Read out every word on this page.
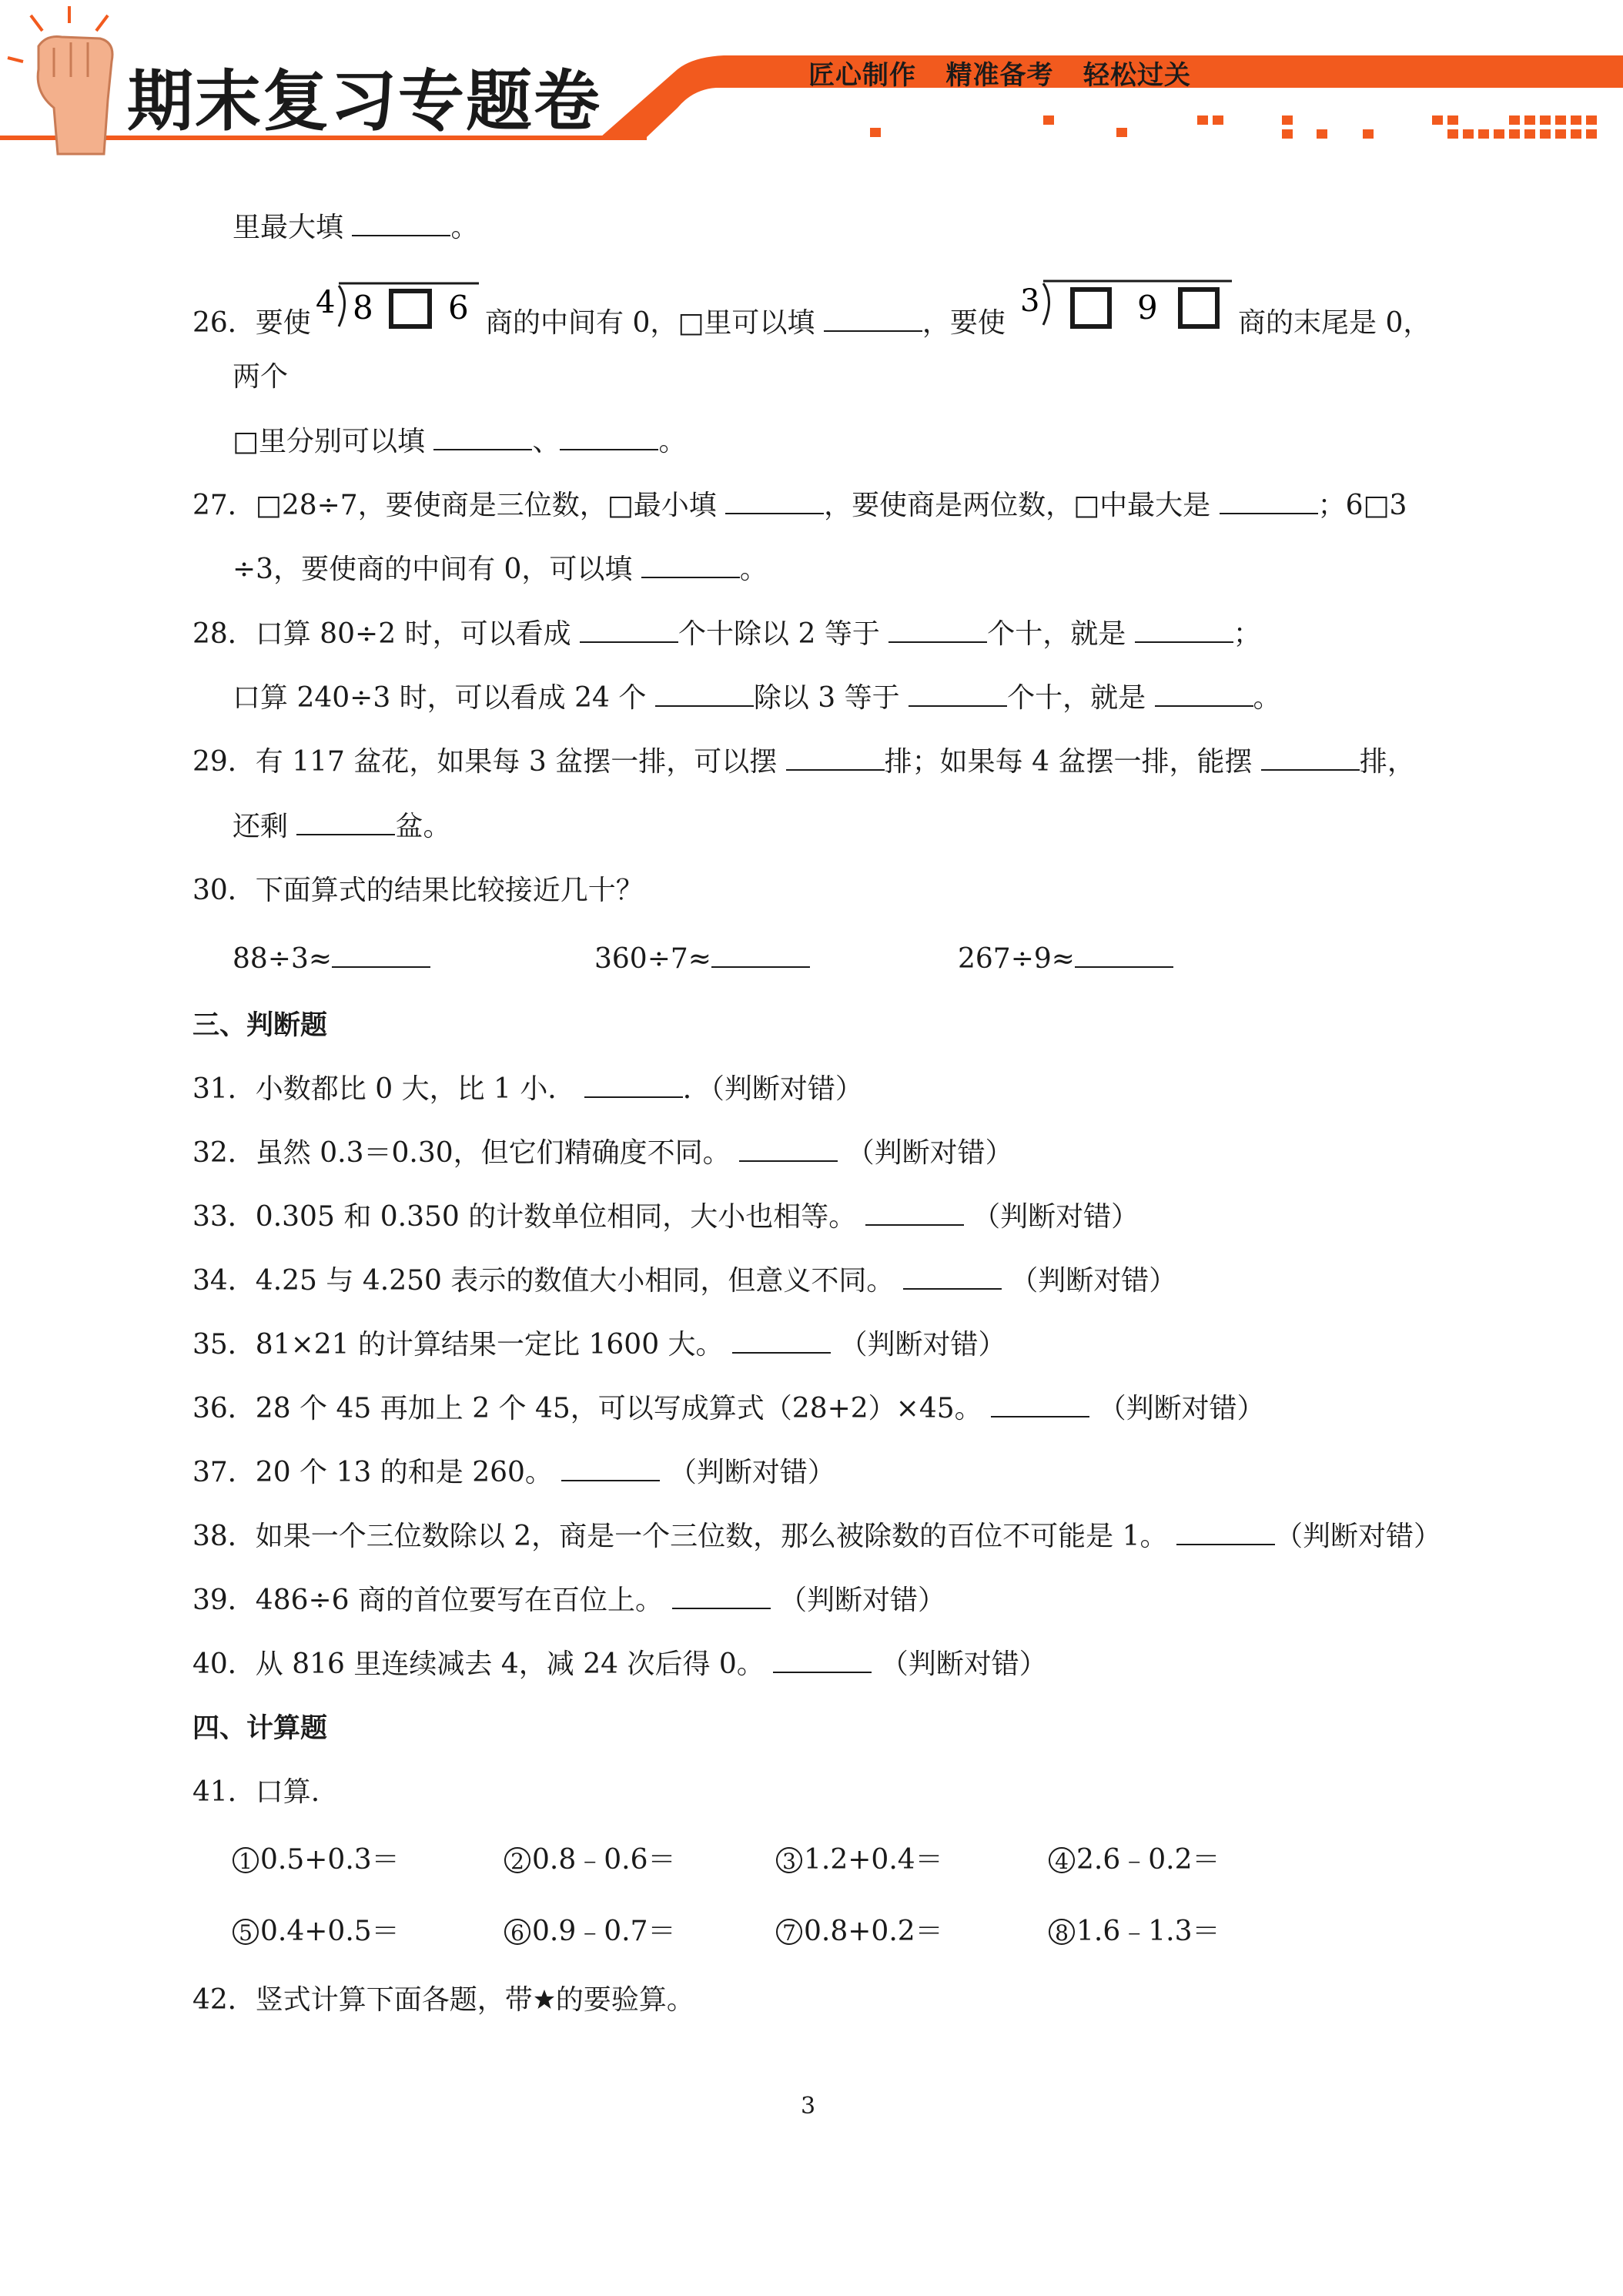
期末复习专题卷	匠心制作   精准备考   轻松过关
里最大填	。
26．要使
4 8 6 商的中间有 0，□里可以填	，要使
3	9	商的末尾是 0，
两个
□里分别可以填	、	。
27．□28÷7，要使商是三位数，□最小填	，要使商是两位数，□中最大是	；6□3
÷3，要使商的中间有 0，可以填	。
28．口算 80÷2 时，可以看成	个十除以 2 等于	个十，就是	；
口算 240÷3 时，可以看成 24 个	除以 3 等于	个十，就是	。
29．有 117 盆花，如果每 3 盆摆一排，可以摆	排；如果每 4 盆摆一排，能摆	排，
还剩	盆。
30．下面算式的结果比较接近几十？
88÷3≈	360÷7≈	267÷9≈
三、判断题
31．小数都比 0 大，比 1 小．	．（判断对错）
32．虽然 0.3＝0.30，但它们精确度不同。	（判断对错）
33．0.305 和 0.350 的计数单位相同，大小也相等。	（判断对错）
34．4.25 与 4.250 表示的数值大小相同，但意义不同。	（判断对错）
35．81×21 的计算结果一定比 1600 大。	（判断对错）
36．28 个 45 再加上 2 个 45，可以写成算式（28+2）×45。	（判断对错）
37．20 个 13 的和是 260。	（判断对错）
38．如果一个三位数除以 2，商是一个三位数，那么被除数的百位不可能是 1。	（判断对错）
39．486÷6 商的首位要写在百位上。	（判断对错）
40．从 816 里连续减去 4，减 24 次后得 0。	（判断对错）
四、计算题
41．口算.
1 0.5+0.3＝	2 0.8﹣0.6＝	3 1.2+0.4＝	4 2.6﹣0.2＝
5 0.4+0.5＝	6 0.9﹣0.7＝	7 0.8+0.2＝	8 1.6﹣1.3＝
42．竖式计算下面各题，带 的要验算。
3
